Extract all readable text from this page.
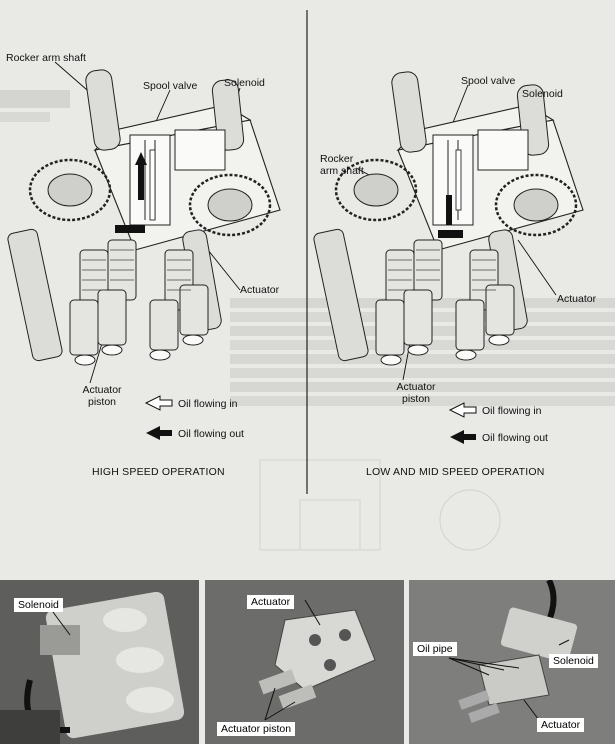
Rocker arm shaft
Spool valve	Solenoid
Actuator
Actuator piston	Oil flowing in
Oil flowing out
HIGH SPEED OPERATION
Spool valve
Solenoid
Rocker arm shaft
Actuator
Actuator piston
Oil flowing in
Oil flowing out
LOW AND MID SPEED OPERATION
Solenoid	Actuator
Actuator piston
Oil pipe
Solenoid
Actuator
